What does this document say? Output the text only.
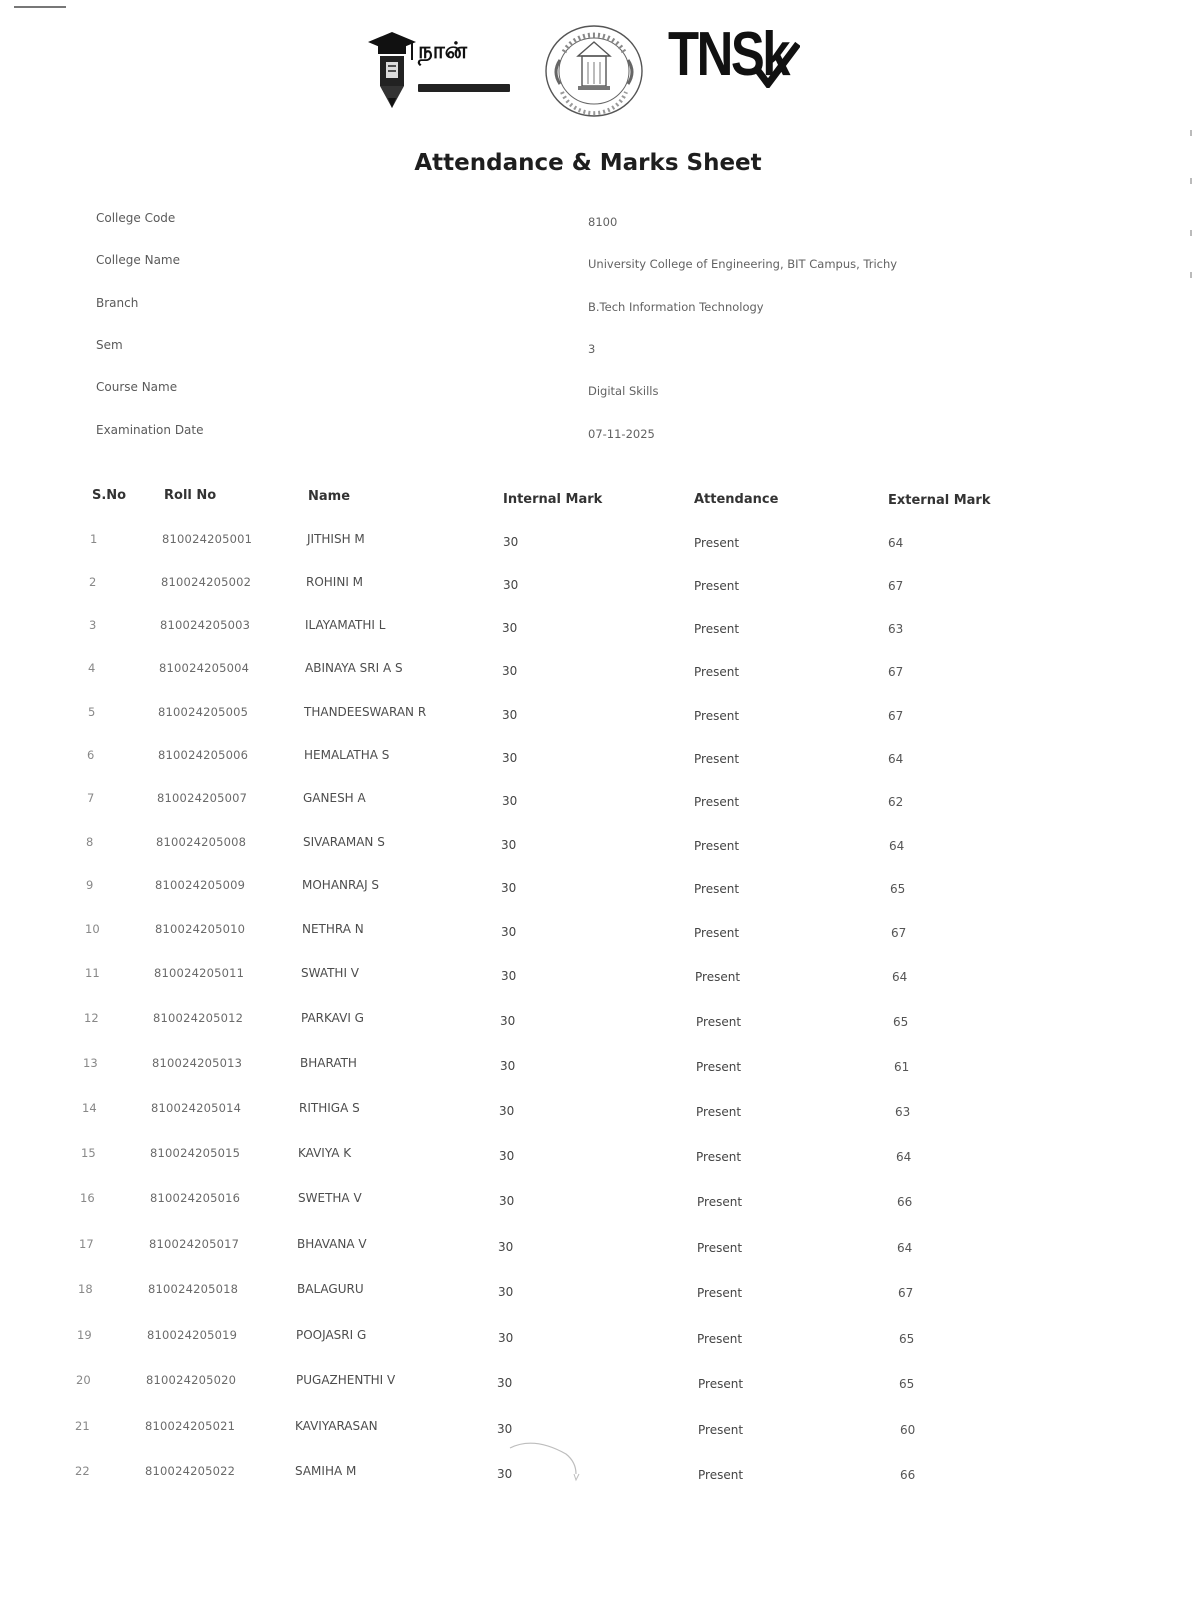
நான்	TNSk
Attendance & Marks Sheet
College Code	8100
College Name	University College of Engineering, BIT Campus, Trichy
Branch	B.Tech Information Technology
Sem	3
Course Name	Digital Skills
Examination Date	07-11-2025
S.No	Roll No	Name	Internal Mark	Attendance	External Mark
1	810024205001	JITHISH M	30	Present	64
2	810024205002	ROHINI M	30	Present	67
3	810024205003	ILAYAMATHI L	30	Present	63
4	810024205004	ABINAYA SRI A S	30	Present	67
5	810024205005	THANDEESWARAN R	30	Present	67
6	810024205006	HEMALATHA S	30	Present	64
7	810024205007	GANESH A	30	Present	62
8	810024205008	SIVARAMAN S	30	Present	64
9	810024205009	MOHANRAJ S	30	Present	65
10	810024205010	NETHRA N	30	Present	67
11	810024205011	SWATHI V	30	Present	64
12	810024205012	PARKAVI G	30	Present	65
13	810024205013	BHARATH	30	Present	61
14	810024205014	RITHIGA S	30	Present	63
15	810024205015	KAVIYA K	30	Present	64
16	810024205016	SWETHA V	30	Present	66
17	810024205017	BHAVANA V	30	Present	64
18	810024205018	BALAGURU	30	Present	67
19	810024205019	POOJASRI G	30	Present	65
20	810024205020	PUGAZHENTHI V	30	Present	65
21	810024205021	KAVIYARASAN	30	Present	60
22	810024205022	SAMIHA M	30	Present	66
